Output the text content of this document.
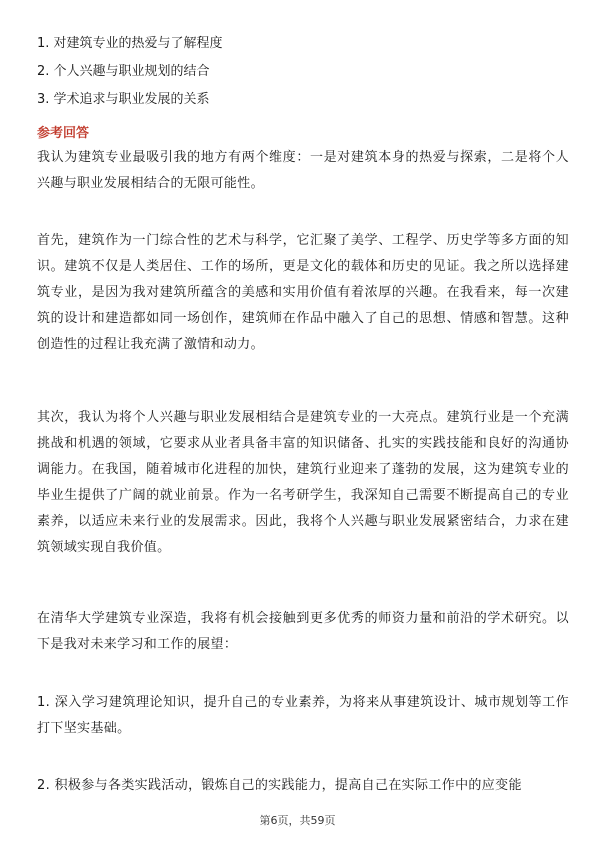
1. 对建筑专业的热爱与了解程度
2. 个人兴趣与职业规划的结合
3. 学术追求与职业发展的关系
参考回答
我认为建筑专业最吸引我的地方有两个维度：一是对建筑本身的热爱与探索，二是将个人兴趣与职业发展相结合的无限可能性。
首先，建筑作为一门综合性的艺术与科学，它汇聚了美学、工程学、历史学等多方面的知识。建筑不仅是人类居住、工作的场所，更是文化的载体和历史的见证。我之所以选择建筑专业，是因为我对建筑所蕴含的美感和实用价值有着浓厚的兴趣。在我看来，每一次建筑的设计和建造都如同一场创作，建筑师在作品中融入了自己的思想、情感和智慧。这种创造性的过程让我充满了激情和动力。
其次，我认为将个人兴趣与职业发展相结合是建筑专业的一大亮点。建筑行业是一个充满挑战和机遇的领域，它要求从业者具备丰富的知识储备、扎实的实践技能和良好的沟通协调能力。在我国，随着城市化进程的加快，建筑行业迎来了蓬勃的发展，这为建筑专业的毕业生提供了广阔的就业前景。作为一名考研学生，我深知自己需要不断提高自己的专业素养，以适应未来行业的发展需求。因此，我将个人兴趣与职业发展紧密结合，力求在建筑领域实现自我价值。
在清华大学建筑专业深造，我将有机会接触到更多优秀的师资力量和前沿的学术研究。以下是我对未来学习和工作的展望：
1. 深入学习建筑理论知识，提升自己的专业素养，为将来从事建筑设计、城市规划等工作打下坚实基础。
2. 积极参与各类实践活动，锻炼自己的实践能力，提高自己在实际工作中的应变能
第6页，共59页
